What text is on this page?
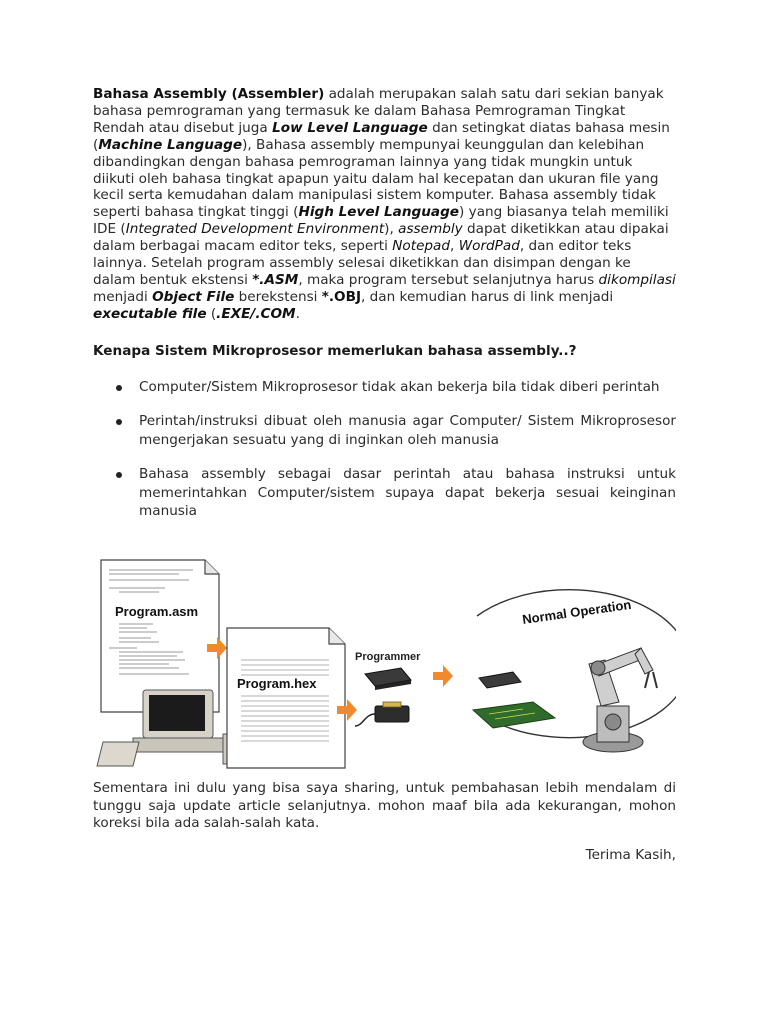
Bahasa Assembly (Assembler) adalah merupakan salah satu dari sekian banyak bahasa pemrograman yang termasuk ke dalam Bahasa Pemrograman Tingkat Rendah atau disebut juga Low Level Language dan setingkat diatas bahasa mesin (Machine Language), Bahasa assembly mempunyai keunggulan dan kelebihan dibandingkan dengan bahasa pemrograman lainnya yang tidak mungkin untuk diikuti oleh bahasa tingkat apapun yaitu dalam hal kecepatan dan ukuran file yang kecil serta kemudahan dalam manipulasi sistem komputer. Bahasa assembly tidak seperti bahasa tingkat tinggi (High Level Language) yang biasanya telah memiliki IDE (Integrated Development Environment), assembly dapat diketikkan atau dipakai dalam berbagai macam editor teks, seperti Notepad, WordPad, dan editor teks lainnya. Setelah program assembly selesai diketikkan dan disimpan dengan ke dalam bentuk ekstensi *.ASM, maka program tersebut selanjutnya harus dikompilasi menjadi Object File berekstensi *.OBJ, dan kemudian harus di link menjadi executable file (.EXE/.COM.

Kenapa Sistem Mikroprosesor memerlukan bahasa assembly..?

Computer/Sistem Mikroprosesor tidak akan bekerja bila tidak diberi perintah
Perintah/instruksi dibuat oleh manusia agar Computer/ Sistem Mikroprosesor mengerjakan sesuatu yang di inginkan oleh manusia
Bahasa assembly sebagai dasar perintah atau bahasa instruksi untuk memerintahkan Computer/sistem supaya dapat bekerja sesuai keinginan manusia
Program.asm
Program.hex
Programmer
Normal Operation

Sementara ini dulu yang bisa saya sharing, untuk pembahasan lebih mendalam di tunggu saja update article selanjutnya. mohon maaf bila ada kekurangan, mohon koreksi bila ada salah-salah kata.

Terima Kasih,
